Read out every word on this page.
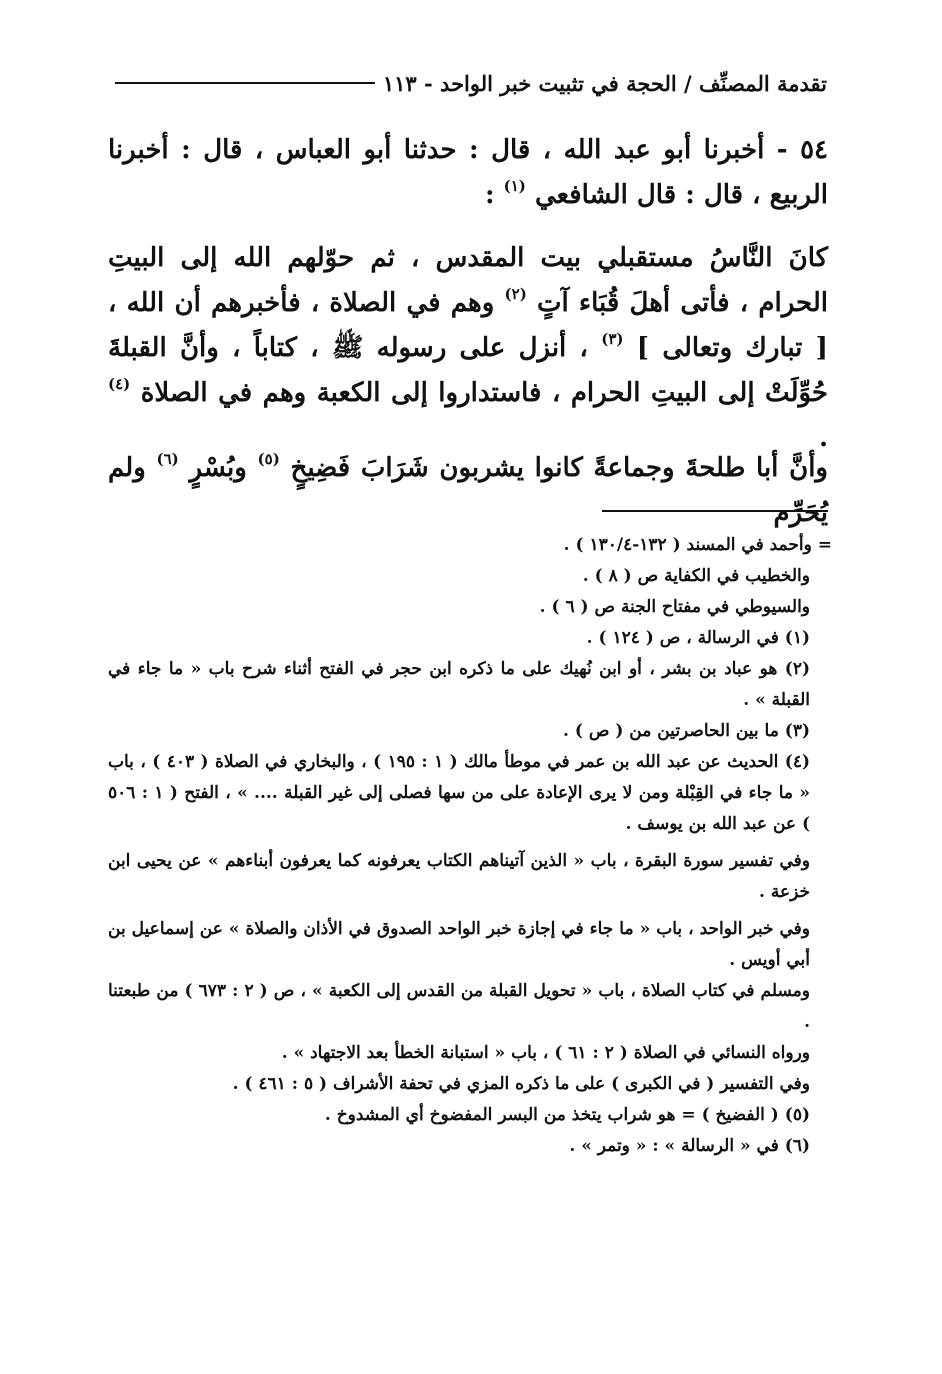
تقدمة المصنِّف / الحجة في تثبيت خبر الواحد - ١١٣

٥٤ - أخبرنا أبو عبد الله ، قال : حدثنا أبو العباس ، قال : أخبرنا الربيع ، قال : قال الشافعي $^{(١)}$ :

كانَ النَّاسُ مستقبلي بيت المقدس ، ثم حوّلهم الله إلى البيتِ الحرام ، فأتى أهلَ قُبَاء آتٍ $^{(٢)}$ وهم في الصلاة ، فأخبرهم أن الله ، [ تبارك وتعالى ] $^{(٣)}$ ، أنزل على رسوله ﷺ ، كتاباً ، وأنَّ القبلةَ حُوِّلَتْ إلى البيتِ الحرام ، فاستداروا إلى الكعبة وهم في الصلاة $^{(٤)}$ .

وأنَّ أبا طلحةَ وجماعةً كانوا يشربون شَرَابَ فَضِيخٍ $^{(٥)}$ وبُسْرٍ $^{(٦)}$ ولم يُحَرِّم

= وأحمد في المسند ( ١٣٢-١٣٠/٤ ) .

والخطيب في الكفاية ص ( ٨ ) .

والسيوطي في مفتاح الجنة ص ( ٦ ) .

(١) في الرسالة ، ص ( ١٢٤ ) .

(٢) هو عباد بن بشر ، أو ابن نُهيك على ما ذكره ابن حجر في الفتح أثناء شرح باب « ما جاء في القبلة » .

(٣) ما بين الحاصرتين من ( ص ) .

(٤) الحديث عن عبد الله بن عمر في موطأ مالك ( ١ : ١٩٥ ) ، والبخاري في الصلاة ( ٤٠٣ ) ، باب « ما جاء في القِبْلة ومن لا يرى الإعادة على من سها فصلى إلى غير القبلة .... » ، الفتح ( ١ : ٥٠٦ ) عن عبد الله بن يوسف .

وفي تفسير سورة البقرة ، باب « الذين آتيناهم الكتاب يعرفونه كما يعرفون أبناءهم » عن يحيى ابن خزعة .

وفي خبر الواحد ، باب « ما جاء في إجازة خبر الواحد الصدوق في الأذان والصلاة » عن إسماعيل بن أبي أويس .

ومسلم في كتاب الصلاة ، باب « تحويل القبلة من القدس إلى الكعبة » ، ص ( ٢ : ٦٧٣ ) من طبعتنا .

ورواه النسائي في الصلاة ( ٢ : ٦١ ) ، باب « استبانة الخطأ بعد الاجتهاد » .

وفي التفسير ( في الكبرى ) على ما ذكره المزي في تحفة الأشراف ( ٥ : ٤٦١ ) .

(٥) ( الفضيخ ) = هو شراب يتخذ من البسر المفضوخ أي المشدوخ .

(٦) في « الرسالة » : « وتمر » .
